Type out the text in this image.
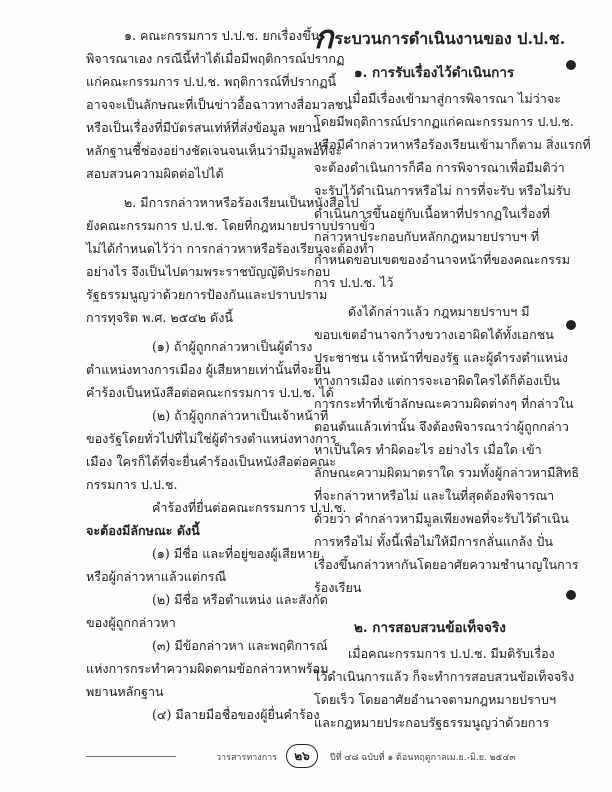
๑. คณะกรรมการ ป.ป.ช. ยกเรื่องขึ้น
พิจารณาเอง กรณีนี้ทำได้เมื่อมีพฤติการณ์ปรากฏ
แก่คณะกรรมการ ป.ป.ช. พฤติการณ์ที่ปรากฏนี้
อาจจะเป็นลักษณะที่เป็นข่าวอื้อฉาวทางสื่อมวลชน
หรือเป็นเรื่องที่มีบัตรสนเท่ห์ที่ส่งข้อมูล พยาน
หลักฐานชี้ช่องอย่างชัดเจนจนเห็นว่ามีมูลพอที่จะ
สอบสวนความผิดต่อไปได้

๒. มีการกล่าวหาหรือร้องเรียนเป็นหนังสือไป
ยังคณะกรรมการ ป.ป.ช. โดยที่กฎหมายปราบปราบขั้ว
ไม่ได้กำหนดไว้ว่า การกล่าวหาหรือร้องเรียนจะต้องทำ
อย่างไร จึงเป็นไปตามพระราชบัญญัติประกอบ
รัฐธรรมนูญว่าด้วยการป้องกันและปราบปราม
การทุจริต พ.ศ. ๒๕๔๒ ดังนี้

(๑) ถ้าผู้ถูกกล่าวหาเป็นผู้ดำรง
ตำแหน่งทางการเมือง ผู้เสียหายเท่านั้นที่จะยื่น
คำร้องเป็นหนังสือต่อคณะกรรมการ ป.ป.ช. ได้

(๒) ถ้าผู้ถูกกล่าวหาเป็นเจ้าหน้าที่
ของรัฐโดยทั่วไปที่ไม่ใช่ผู้ดำรงตำแหน่งทางการ
เมือง ใครก็ได้ที่จะยื่นคำร้องเป็นหนังสือต่อคณะ
กรรมการ ป.ป.ช.

คำร้องที่ยื่นต่อคณะกรรมการ ป.ป.ช.
จะต้องมีลักษณะ ดังนี้

(๑) มีชื่อ และที่อยู่ของผู้เสียหาย
หรือผู้กล่าวหาแล้วแต่กรณี

(๒) มีชื่อ หรือตำแหน่ง และสังกัด
ของผู้ถูกกล่าวหา

(๓) มีข้อกล่าวหา และพฤติการณ์
แห่งการกระทำความผิดตามข้อกล่าวหาพร้อม
พยานหลักฐาน

(๔) มีลายมือชื่อของผู้ยื่นคำร้อง

กระบวนการดำเนินงานของ ป.ป.ช.
๑. การรับเรื่องไว้ดำเนินการ

เมื่อมีเรื่องเข้ามาสู่การพิจารณา ไม่ว่าจะ
โดยมีพฤติการณ์ปรากฏแก่คณะกรรมการ ป.ป.ช.
หรือมีคำกล่าวหาหรือร้องเรียนเข้ามาก็ตาม สิ่งแรกที่
จะต้องดำเนินการก็คือ การพิจารณาเพื่อมีมติว่า
จะรับไว้ดำเนินการหรือไม่ การที่จะรับ หรือไม่รับ
ดำเนินการขึ้นอยู่กับเนื้อหาที่ปรากฏในเรื่องที่
กล่าวหาประกอบกับหลักกฎหมายปราบฯ ที่
กำหนดขอบเขตของอำนาจหน้าที่ของคณะกรรม
การ ป.ป.ช. ไว้

ดังได้กล่าวแล้ว กฎหมายปราบฯ มี
ขอบเขตอำนาจกว้างขวางเอาผิดได้ทั้งเอกชน
ประชาชน เจ้าหน้าที่ของรัฐ และผู้ดำรงตำแหน่ง
ทางการเมือง แต่การจะเอาผิดใครได้ก็ต้องเป็น
การกระทำที่เข้าลักษณะความผิดต่างๆ ที่กล่าวใน
ตอนต้นแล้วเท่านั้น จึงต้องพิจารณาว่าผู้ถูกกล่าว
หาเป็นใคร ทำผิดอะไร อย่างไร เมื่อใด เข้า
ลักษณะความผิดมาตราใด รวมทั้งผู้กล่าวหามีสิทธิ
ที่จะกล่าวหาหรือไม่ และในที่สุดต้องพิจารณา
ด้วยว่า คำกล่าวหามีมูลเพียงพอที่จะรับไว้ดำเนิน
การหรือไม่ ทั้งนี้เพื่อไม่ให้มีการกลั่นแกล้ง ปั่น
เรื่องขึ้นกล่าวหากันโดยอาศัยความชำนาญในการ
ร้องเรียน

๒. การสอบสวนข้อเท็จจริง

เมื่อคณะกรรมการ ป.ป.ช. มีมติรับเรื่อง
ไว้ดำเนินการแล้ว ก็จะทำการสอบสวนข้อเท็จจริง
โดยเร็ว โดยอาศัยอำนาจตามกฎหมายปราบฯ
และกฎหมายประกอบรัฐธรรมนูญว่าด้วยการ

วารสารทางการ	๒๖	ปีที่ ๔๘ ฉบับที่ ๑ ต้อนหฤดูกาลเม.ย.-มิ.ย. ๒๕๔๓
